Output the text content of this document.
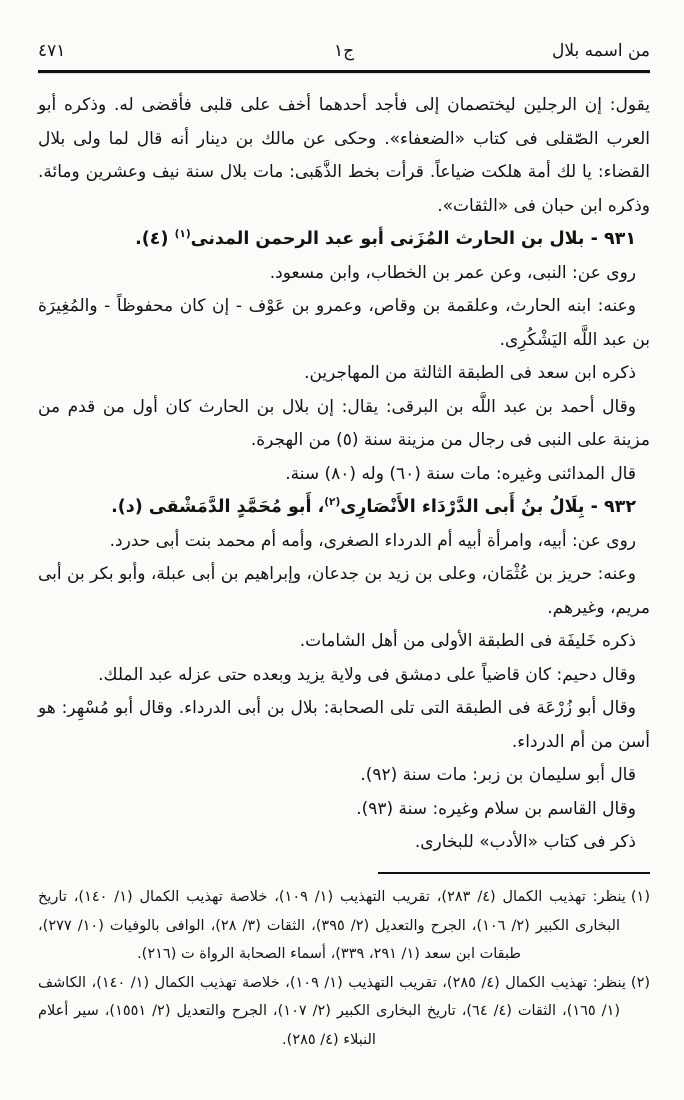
من اسمه بلال
ج١
٤٧١

يقول: إن الرجلين ليختصمان إلى فأجد أحدهما أخف على قلبى فأقضى له. وذكره أبو العرب الصّقلى فى كتاب «الضعفاء». وحكى عن مالك بن دينار أنه قال لما ولى بلال القضاء: يا لك أمة هلكت ضياعاً. قرأت بخط الذَّهَبى: مات بلال سنة نيف وعشرين ومائة. وذكره ابن حبان فى «الثقات».

٩٣١ - بلال بن الحارث المُزَنى أبو عبد الرحمن المدنى$^{(١)}$ (٤).

روى عن: النبى، وعن عمر بن الخطاب، وابن مسعود.

وعنه: ابنه الحارث، وعلقمة بن وقاص، وعمرو بن عَوْف - إن كان محفوظاً - والمُغِيرَة بن عبد اللَّه اليَشْكُرِى.

ذكره ابن سعد فى الطبقة الثالثة من المهاجرين.

وقال أحمد بن عبد اللَّه بن البرقى: يقال: إن بلال بن الحارث كان أول من قدم من مزينة على النبى فى رجال من مزينة سنة (٥) من الهجرة.

قال المدائنى وغيره: مات سنة (٦٠) وله (٨٠) سنة.

٩٣٢ - بِلَالُ بنُ أَبى الدَّرْدَاء الأَنْصَارِى$^{(٢)}$، أَبو مُحَمَّدٍ الدَّمَشْقى (د).

روى عن: أبيه، وامرأة أبيه أم الدرداء الصغرى، وأمه أم محمد بنت أبى حدرد.

وعنه: حريز بن عُثْمَان، وعلى بن زيد بن جدعان، وإبراهيم بن أبى عبلة، وأبو بكر بن أبى مريم، وغيرهم.

ذكره خَليفَة فى الطبقة الأولى من أهل الشامات.

وقال دحيم: كان قاضياً على دمشق فى ولاية يزيد وبعده حتى عزله عبد الملك.

وقال أبو زُرْعَة فى الطبقة التى تلى الصحابة: بلال بن أبى الدرداء. وقال أبو مُسْهِر: هو أسن من أم الدرداء.

قال أبو سليمان بن زبر: مات سنة (٩٢).

وقال القاسم بن سلام وغيره: سنة (٩٣).

ذكر فى كتاب «الأدب» للبخارى.

(١)ينظر: تهذيب الكمال (٤/ ٢٨٣)، تقريب التهذيب (١/ ١٠٩)، خلاصة تهذيب الكمال (١/ ١٤٠)، تاريخ البخارى الكبير (٢/ ١٠٦)، الجرح والتعديل (٢/ ٣٩٥)، الثقات (٣/ ٢٨)، الوافى بالوفيات (١٠/ ٢٧٧)، طبقات ابن سعد (١/ ٢٩١، ٣٣٩)، أسماء الصحابة الرواة ت (٢١٦).

(٢)ينظر: تهذيب الكمال (٤/ ٢٨٥)، تقريب التهذيب (١/ ١٠٩)، خلاصة تهذيب الكمال (١/ ١٤٠)، الكاشف (١/ ١٦٥)، الثقات (٤/ ٦٤)، تاريخ البخارى الكبير (٢/ ١٠٧)، الجرح والتعديل (٢/ ١٥٥١)، سير أعلام النبلاء (٤/ ٢٨٥).
